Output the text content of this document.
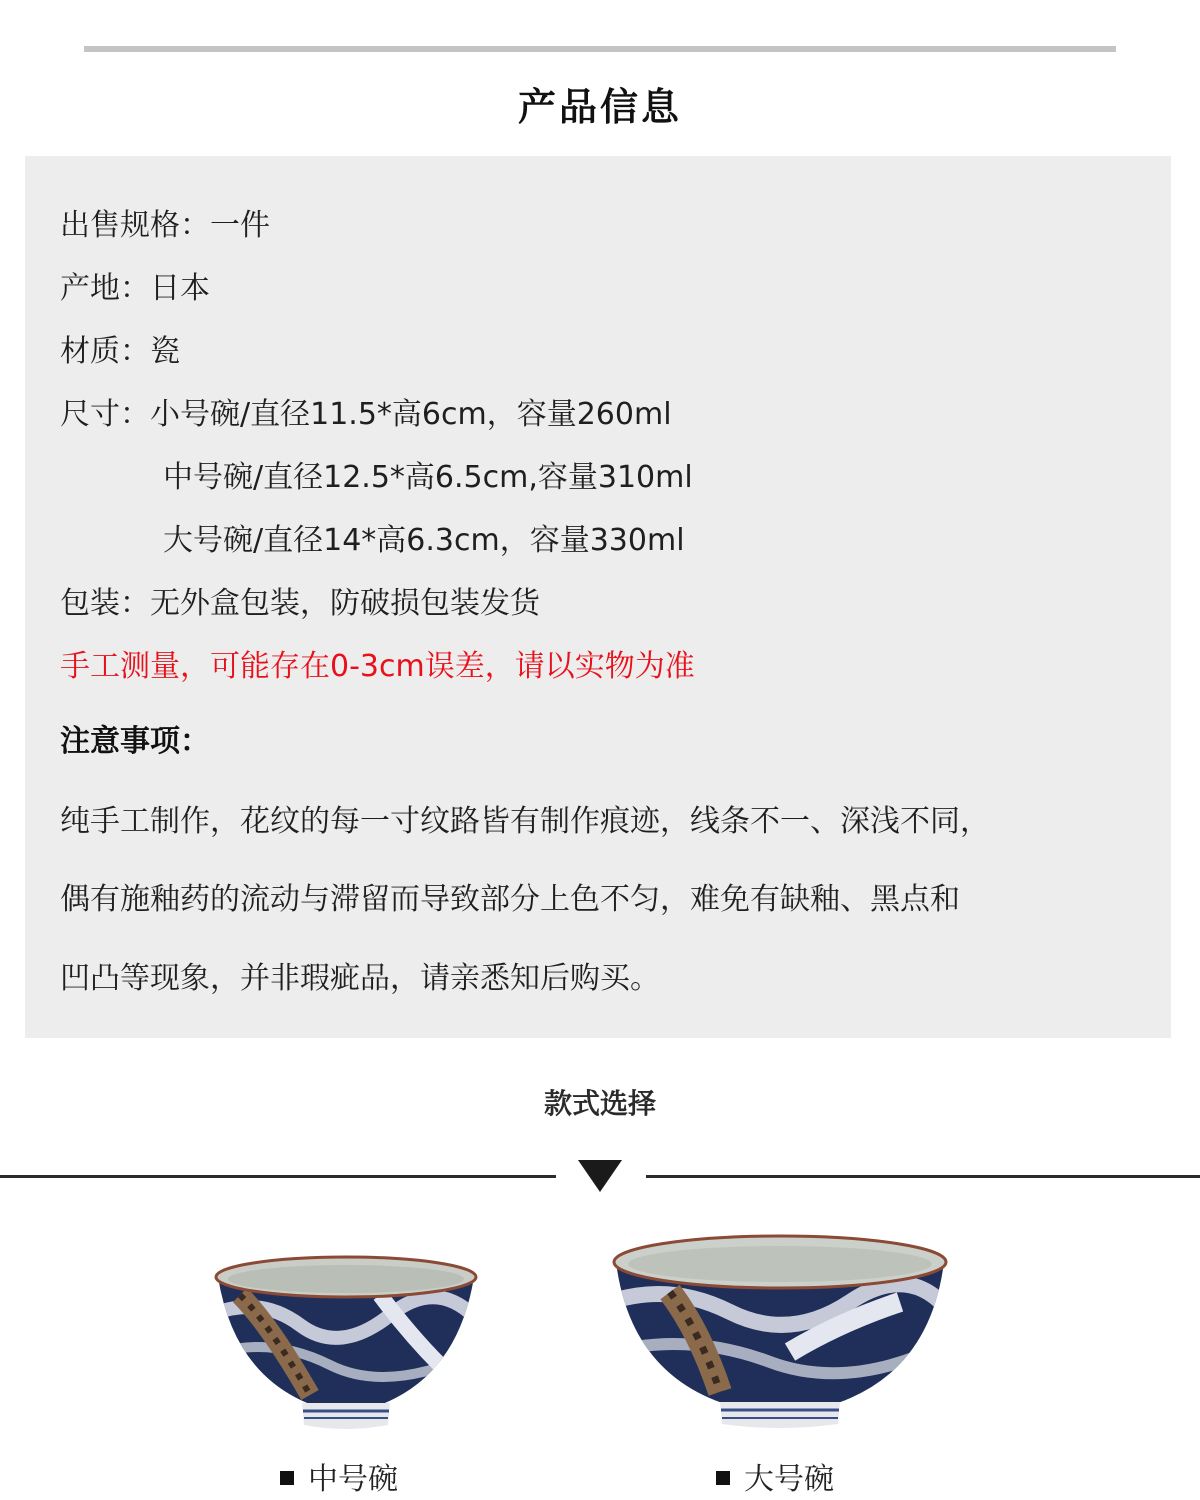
产品信息
出售规格：一件
产地：日本
材质：瓷
尺寸：小号碗/直径11.5*高6cm，容量260ml
中号碗/直径12.5*高6.5cm,容量310ml
大号碗/直径14*高6.3cm，容量330ml
包装：无外盒包装，防破损包装发货
手工测量，可能存在0-3cm误差，请以实物为准
注意事项：
纯手工制作，花纹的每一寸纹路皆有制作痕迹，线条不一、深浅不同，
偶有施釉药的流动与滞留而导致部分上色不匀，难免有缺釉、黑点和
凹凸等现象，并非瑕疵品，请亲悉知后购买。
款式选择
中号碗	大号碗
